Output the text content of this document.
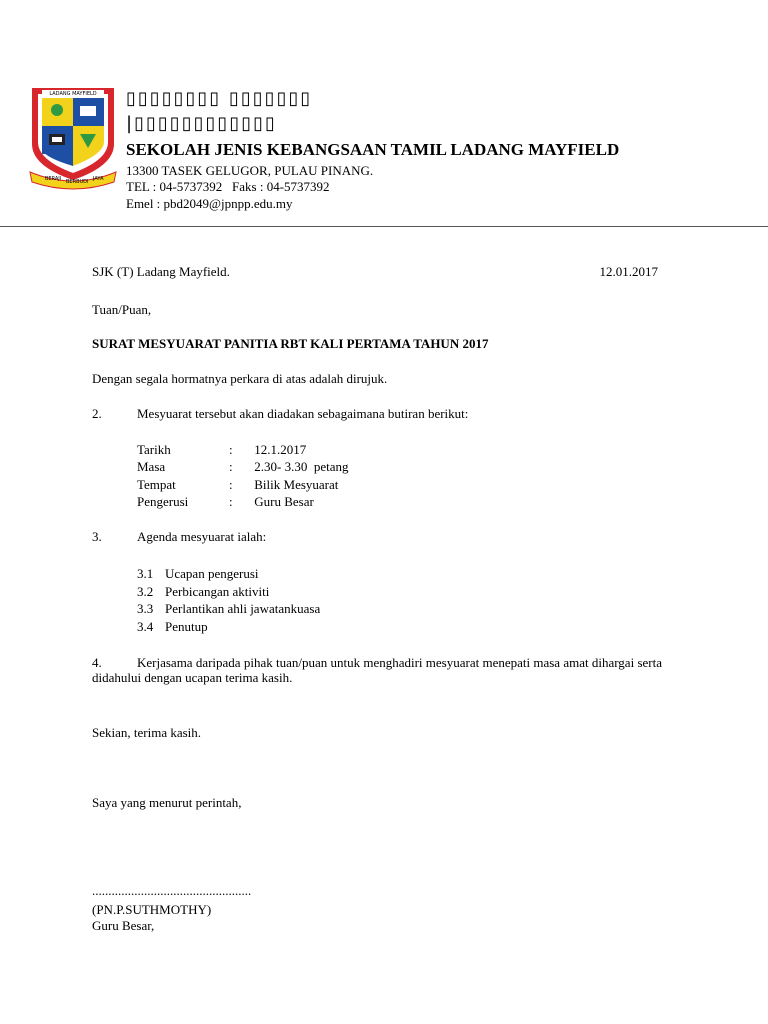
LADANG MAYFIELD
BERAJI BERBUDI JAYA
▯▯▯▯▯▯▯▯ ▯▯▯▯▯▯▯
|▯▯▯▯▯▯▯▯▯▯▯▯
SEKOLAH JENIS KEBANGSAAN TAMIL LADANG MAYFIELD
13300 TASEK GELUGOR, PULAU PINANG.
TEL : 04-5737392   Faks : 04-5737392
Emel : pbd2049@jpnpp.edu.my
SJK (T) Ladang Mayfield.	12.01.2017
Tuan/Puan,
SURAT MESYUARAT PANITIA RBT KALI PERTAMA TAHUN 2017
Dengan segala hormatnya perkara di atas adalah dirujuk.
2.	Mesyuarat tersebut akan diadakan sebagaimana butiran berikut:
Tarikh	: 12.1.2017
Masa	: 2.30- 3.30  petang
Tempat	: Bilik Mesyuarat
Pengerusi	: Guru Besar
3.	Agenda mesyuarat ialah:
3.1 Ucapan pengerusi
3.2 Perbicangan aktiviti
3.3 Perlantikan ahli jawatankuasa
3.4 Penutup
4.	Kerjasama daripada pihak tuan/puan untuk menghadiri mesyuarat menepati masa amat dihargai serta didahului dengan ucapan terima kasih.
Sekian, terima kasih.
Saya yang menurut perintah,
.................................................
(PN.P.SUTHMOTHY)
Guru Besar,
